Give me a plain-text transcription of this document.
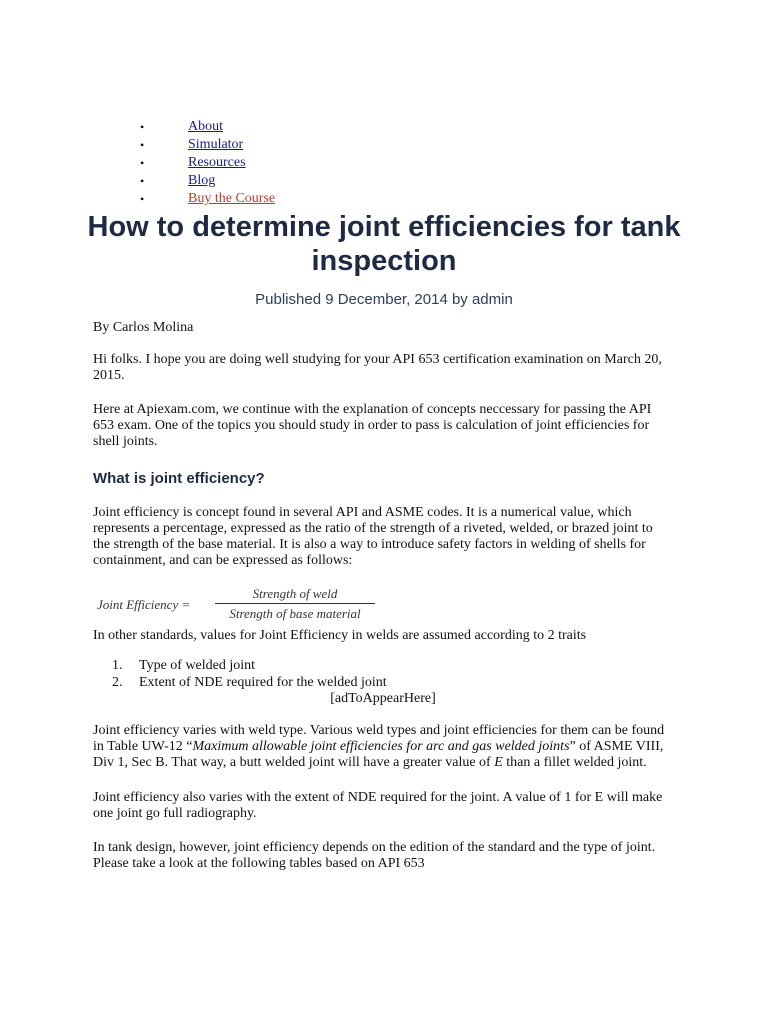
•	About
•	Simulator
•	Resources
•	Blog
•	Buy the Course
How to determine joint efficiencies for tank inspection
Published 9 December, 2014 by admin

By Carlos Molina

Hi folks. I hope you are doing well studying for your API 653 certification examination on March 20, 2015.

Here at Apiexam.com, we continue with the explanation of concepts neccessary for passing the API 653 exam. One of the topics you should study in order to pass is calculation of joint efficiencies for shell joints.

What is joint efficiency?

Joint efficiency is concept found in several API and ASME codes. It is a numerical value, which represents a percentage, expressed as the ratio of the strength of a riveted, welded, or brazed joint to the strength of the base material. It is also a way to introduce safety factors in welding of shells for containment, and can be expressed as follows:

Joint Efficiency =
Strength of weld
Strength of base material

In other standards, values for Joint Efficiency in welds are assumed according to 2 traits

1. Type of welded joint
2. Extent of NDE required for the welded joint
[adToAppearHere]

Joint efficiency varies with weld type. Various weld types and joint efficiencies for them can be found in Table UW-12 “Maximum allowable joint efficiencies for arc and gas welded joints” of ASME VIII, Div 1, Sec B. That way, a butt welded joint will have a greater value of E than a fillet welded joint.

Joint efficiency also varies with the extent of NDE required for the joint. A value of 1 for E will make one joint go full radiography.

In tank design, however, joint efficiency depends on the edition of the standard and the type of joint. Please take a look at the following tables based on API 653
